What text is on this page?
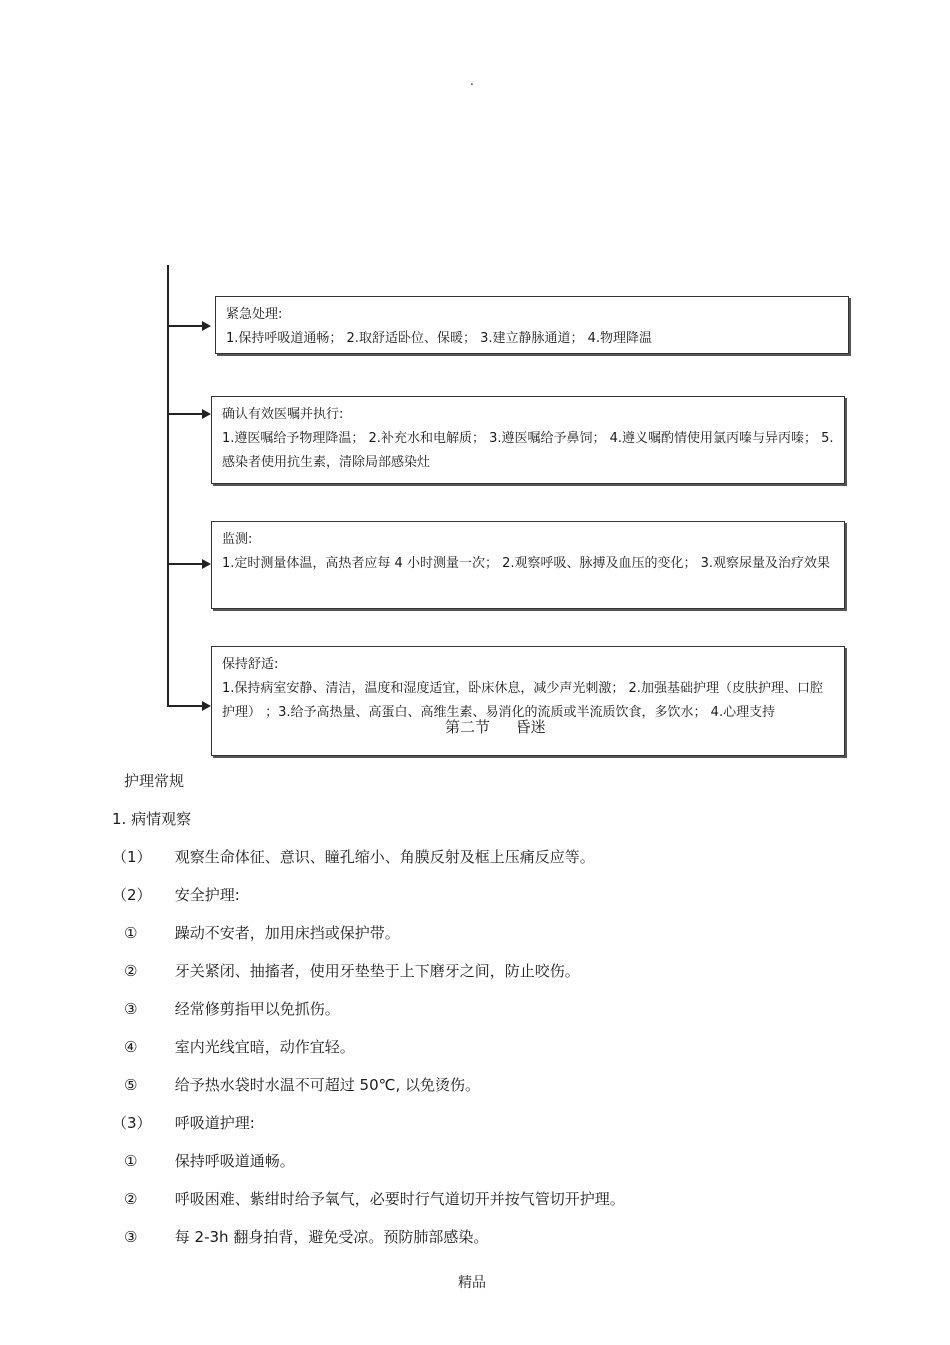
.
紧急处理:
1.保持呼吸道通畅； 2.取舒适卧位、保暖； 3.建立静脉通道； 4.物理降温
确认有效医嘱并执行:
1.遵医嘱给予物理降温； 2.补充水和电解质； 3.遵医嘱给予鼻饲； 4.遵义嘱酌情使用氯丙嗪与异丙嗪； 5.感染者使用抗生素，清除局部感染灶
监测:
1.定时测量体温，高热者应每 4 小时测量一次； 2.观察呼吸、脉搏及血压的变化； 3.观察尿量及治疗效果
保持舒适:
1.保持病室安静、清洁，温度和湿度适宜，卧床休息，减少声光刺激； 2.加强基础护理（皮肤护理、口腔护理） ；3.给予高热量、高蛋白、高维生素、易消化的流质或半流质饮食，多饮水； 4.心理支持
第二节 昏迷
护理常规
1. 病情观察
（1） 观察生命体征、意识、瞳孔缩小、角膜反射及框上压痛反应等。
（2） 安全护理:
① 躁动不安者，加用床挡或保护带。
② 牙关紧闭、抽搐者，使用牙垫垫于上下磨牙之间，防止咬伤。
③ 经常修剪指甲以免抓伤。
④ 室内光线宜暗，动作宜轻。
⑤ 给予热水袋时水温不可超过 50℃, 以免烫伤。
（3） 呼吸道护理:
① 保持呼吸道通畅。
② 呼吸困难、紫绀时给予氧气，必要时行气道切开并按气管切开护理。
③ 每 2-3h 翻身拍背，避免受凉。预防肺部感染。
精品
